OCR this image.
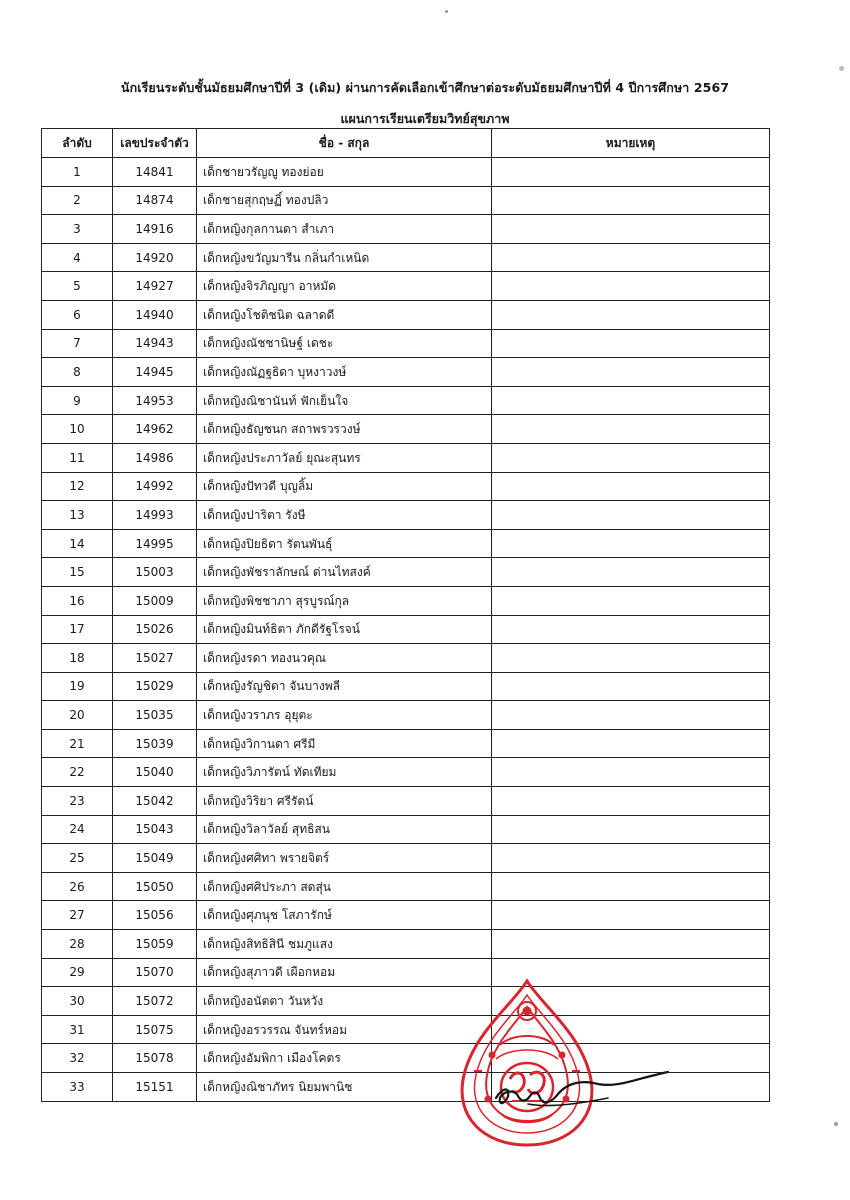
นักเรียนระดับชั้นมัธยมศึกษาปีที่ 3 (เดิม) ผ่านการคัดเลือกเข้าศึกษาต่อระดับมัธยมศึกษาปีที่ 4 ปีการศึกษา 2567
แผนการเรียนเตรียมวิทย์สุขภาพ
ลำดับ	เลขประจำตัว	ชื่อ - สกุล	หมายเหตุ
1	14841	เด็กชายวรัญญู ทองย่อย	
2	14874	เด็กชายสุกฤษฏิ์ ทองปลิว	
3	14916	เด็กหญิงกุลกานดา สำเภา	
4	14920	เด็กหญิงขวัญมารีน กลิ่นกำเหนิด	
5	14927	เด็กหญิงจิรภิญญา อาหมัด	
6	14940	เด็กหญิงโชติชนิต ฉลาดดี	
7	14943	เด็กหญิงณัชชานิษฐ์ เดชะ	
8	14945	เด็กหญิงณัฏฐธิดา บุหงาวงษ์	
9	14953	เด็กหญิงณิชานันท์ ฟักเย็นใจ	
10	14962	เด็กหญิงธัญชนก สถาพรวรวงษ์	
11	14986	เด็กหญิงประภาวัลย์ ยุณะสุนทร	
12	14992	เด็กหญิงปัทวดี บุญลิ้ม	
13	14993	เด็กหญิงปาริตา รังษี	
14	14995	เด็กหญิงปิยธิดา รัตนพันธุ์	
15	15003	เด็กหญิงพัชราลักษณ์ ด่านไทสงค์	
16	15009	เด็กหญิงพิชชาภา สุรบูรณ์กุล	
17	15026	เด็กหญิงมินท์ธิตา ภักดีรัฐโรจน์	
18	15027	เด็กหญิงรดา ทองนวคุณ	
19	15029	เด็กหญิงรัญชิดา จันบางพลี	
20	15035	เด็กหญิงวราภร อุยุตะ	
21	15039	เด็กหญิงวิกานดา ศรีมี	
22	15040	เด็กหญิงวิภารัตน์ ทัดเทียม	
23	15042	เด็กหญิงวิริยา ศรีรัตน์	
24	15043	เด็กหญิงวิลาวัลย์ สุทธิสน	
25	15049	เด็กหญิงศศิทา พรายจิตร์	
26	15050	เด็กหญิงศศิประภา สดสุ่น	
27	15056	เด็กหญิงศุภนุช โสภารักษ์	
28	15059	เด็กหญิงสิทธิสินี ชมภูแสง	
29	15070	เด็กหญิงสุภาวดี เผือกหอม	
30	15072	เด็กหญิงอนัตตา วันหวัง	
31	15075	เด็กหญิงอรวรรณ จันทร์หอม	
32	15078	เด็กหญิงอัมพิกา เมืองโคตร	
33	15151	เด็กหญิงณิชาภัทร นิยมพานิช	
